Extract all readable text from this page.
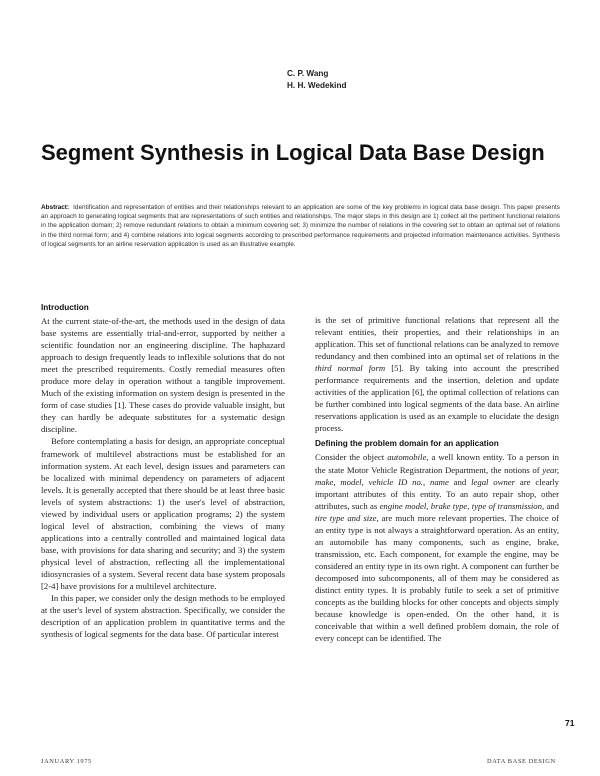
C. P. Wang
H. H. Wedekind
Segment Synthesis in Logical Data Base Design

Abstract: Identification and representation of entities and their relationships relevant to an application are some of the key problems in logical data base design. This paper presents an approach to generating logical segments that are representations of such entities and relationships. The major steps in this design are 1) collect all the pertinent functional relations in the application domain; 2) remove redundant relations to obtain a minimum covering set; 3) minimize the number of relations in the covering set to obtain an optimal set of relations in the third normal form; and 4) combine relations into logical segments according to prescribed performance requirements and projected information maintenance activities. Synthesis of logical segments for an airline reservation application is used as an illustrative example.

Introduction

At the current state-of-the-art, the methods used in the design of data base systems are essentially trial-and-error, supported by neither a scientific foundation nor an engineering discipline. The haphazard approach to design frequently leads to inflexible solutions that do not meet the prescribed requirements. Costly remedial measures often produce more delay in operation without a tangible improvement. Much of the existing information on system design is presented in the form of case studies [1]. These cases do provide valuable insight, but they can hardly be adequate substitutes for a systematic design discipline.

Before contemplating a basis for design, an appropriate conceptual framework of multilevel abstractions must be established for an information system. At each level, design issues and parameters can be localized with minimal dependency on parameters of adjacent levels. It is generally accepted that there should be at least three basic levels of system abstractions: 1) the user's level of abstraction, viewed by individual users or application programs; 2) the system logical level of abstraction, combining the views of many applications into a centrally controlled and maintained logical data base, with provisions for data sharing and security; and 3) the system physical level of abstraction, reflecting all the implementational idiosyncrasies of a system. Several recent data base system proposals [2-4] have provisions for a multilevel architecture.

In this paper, we consider only the design methods to be employed at the user's level of system abstraction. Specifically, we consider the description of an application problem in quantitative terms and the synthesis of logical segments for the data base. Of particular interest

is the set of primitive functional relations that represent all the relevant entities, their properties, and their relationships in an application. This set of functional relations can be analyzed to remove redundancy and then combined into an optimal set of relations in the third normal form [5]. By taking into account the prescribed performance requirements and the insertion, deletion and update activities of the application [6], the optimal collection of relations can be further combined into logical segments of the data base. An airline reservations application is used as an example to elucidate the design process.

Defining the problem domain for an application

Consider the object automobile, a well known entity. To a person in the state Motor Vehicle Registration Department, the notions of year, make, model, vehicle ID no., name and legal owner are clearly important attributes of this entity. To an auto repair shop, other attributes, such as engine model, brake type, type of transmission, and tire type and size, are much more relevant properties. The choice of an entity type is not always a straightforward operation. As an entity, an automobile has many components, such as engine, brake, transmission, etc. Each component, for example the engine, may be considered an entity type in its own right. A component can further be decomposed into subcomponents, all of them may be considered as distinct entity types. It is probably futile to seek a set of primitive concepts as the building blocks for other concepts and objects simply because knowledge is open-ended. On the other hand, it is conceivable that within a well defined problem domain, the role of every concept can be identified. The

71
JANUARY 1975	DATA BASE DESIGN
